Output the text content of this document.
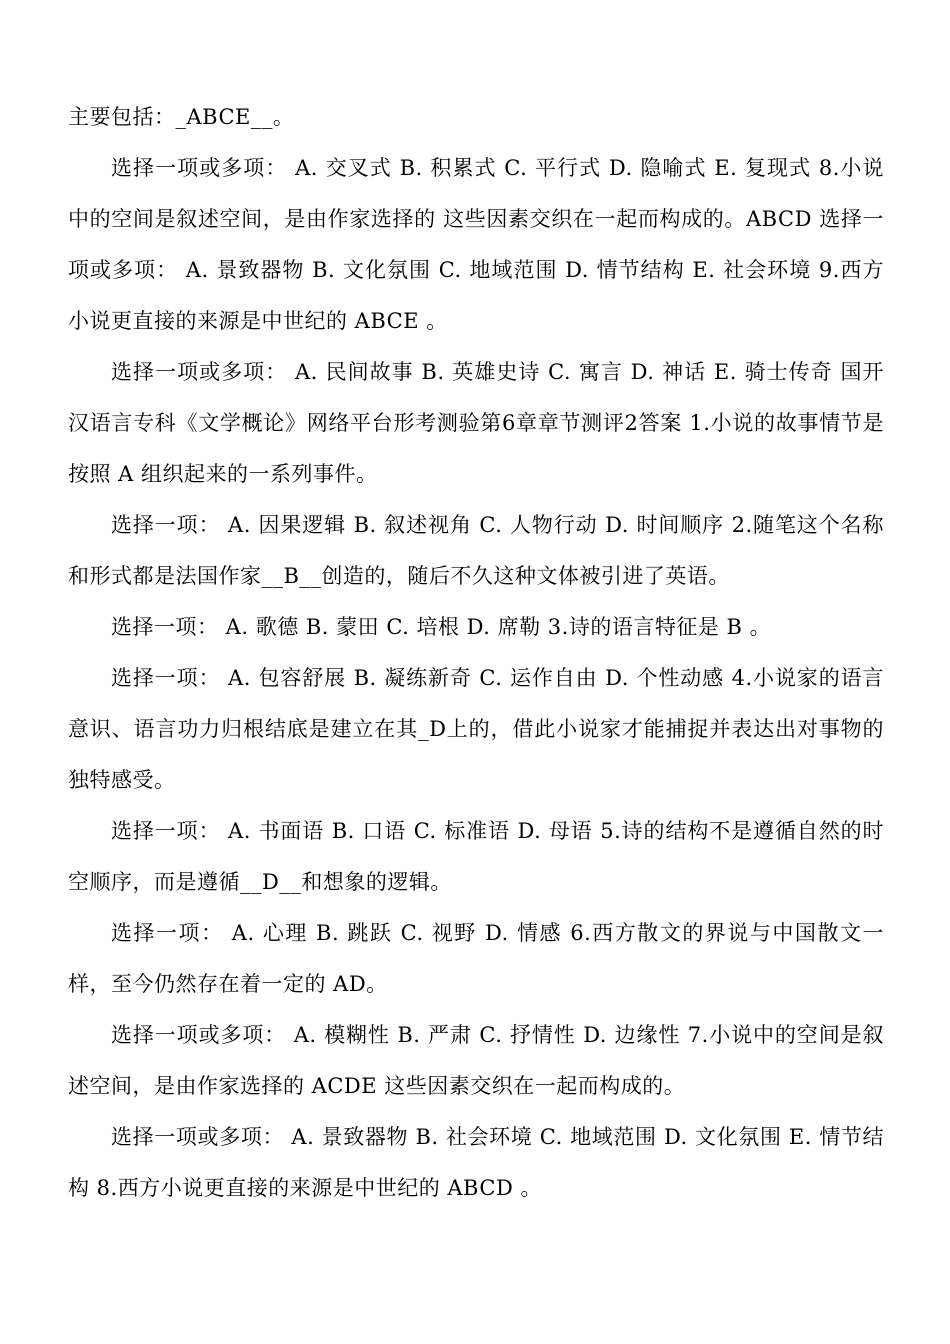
主要包括：_ABCE__。

选择一项或多项： A. 交叉式 B. 积累式 C. 平行式 D. 隐喻式 E. 复现式 8.小说中的空间是叙述空间，是由作家选择的 这些因素交织在一起而构成的。ABCD 选择一项或多项： A. 景致器物 B. 文化氛围 C. 地域范围 D. 情节结构 E. 社会环境 9.西方小说更直接的来源是中世纪的 ABCE 。

选择一项或多项： A. 民间故事 B. 英雄史诗 C. 寓言 D. 神话 E. 骑士传奇 国开汉语言专科《文学概论》网络平台形考测验第6章章节测评2答案 1.小说的故事情节是按照 A 组织起来的一系列事件。

选择一项： A. 因果逻辑 B. 叙述视角 C. 人物行动 D. 时间顺序 2.随笔这个名称和形式都是法国作家__B__创造的，随后不久这种文体被引进了英语。

选择一项： A. 歌德 B. 蒙田 C. 培根 D. 席勒 3.诗的语言特征是 B 。

选择一项： A. 包容舒展 B. 凝练新奇 C. 运作自由 D. 个性动感 4.小说家的语言意识、语言功力归根结底是建立在其_D上的，借此小说家才能捕捉并表达出对事物的独特感受。

选择一项： A. 书面语 B. 口语 C. 标准语 D. 母语 5.诗的结构不是遵循自然的时空顺序，而是遵循__D__和想象的逻辑。

选择一项： A. 心理 B. 跳跃 C. 视野 D. 情感 6.西方散文的界说与中国散文一样，至今仍然存在着一定的 AD。

选择一项或多项： A. 模糊性 B. 严肃 C. 抒情性 D. 边缘性 7.小说中的空间是叙述空间，是由作家选择的 ACDE 这些因素交织在一起而构成的。

选择一项或多项： A. 景致器物 B. 社会环境 C. 地域范围 D. 文化氛围 E. 情节结构 8.西方小说更直接的来源是中世纪的 ABCD 。
